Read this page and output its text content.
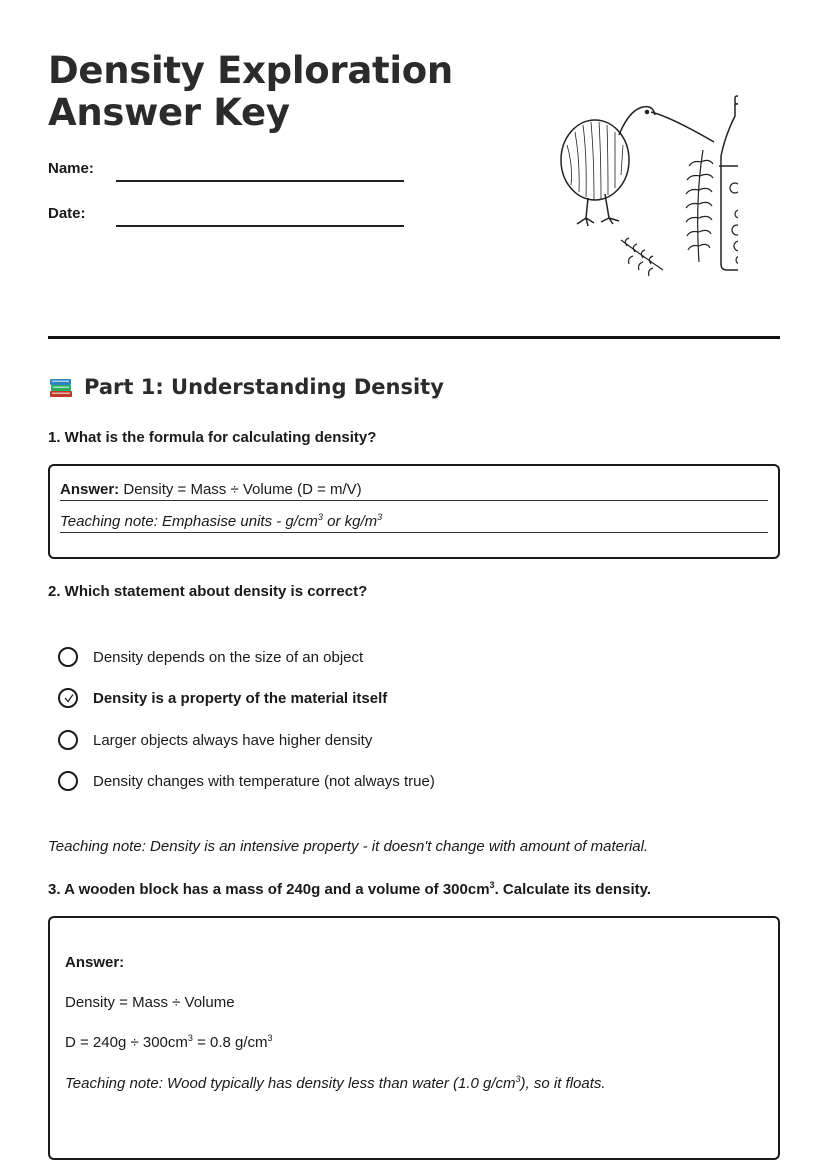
Density Exploration
Answer Key
Name:
Date:
Part 1: Understanding Density

1. What is the formula for calculating density?

Answer: Density = Mass ÷ Volume (D = m/V)
Teaching note: Emphasise units - $g/cm^3$ or $kg/m^3$

2. Which statement about density is correct?

Density depends on the size of an object
Density is a property of the material itself
Larger objects always have higher density
Density changes with temperature (not always true)
Teaching note: Density is an intensive property - it doesn't change with amount of material.

3. A wooden block has a mass of 240g and a volume of $300cm^3$. Calculate its density.

Answer:
Density = Mass ÷ Volume
$D = 240g \div 300cm^3 = 0.8$ $g/cm^3$
Teaching note: Wood typically has density less than water (1.0 $g/cm^3$), so it floats.
